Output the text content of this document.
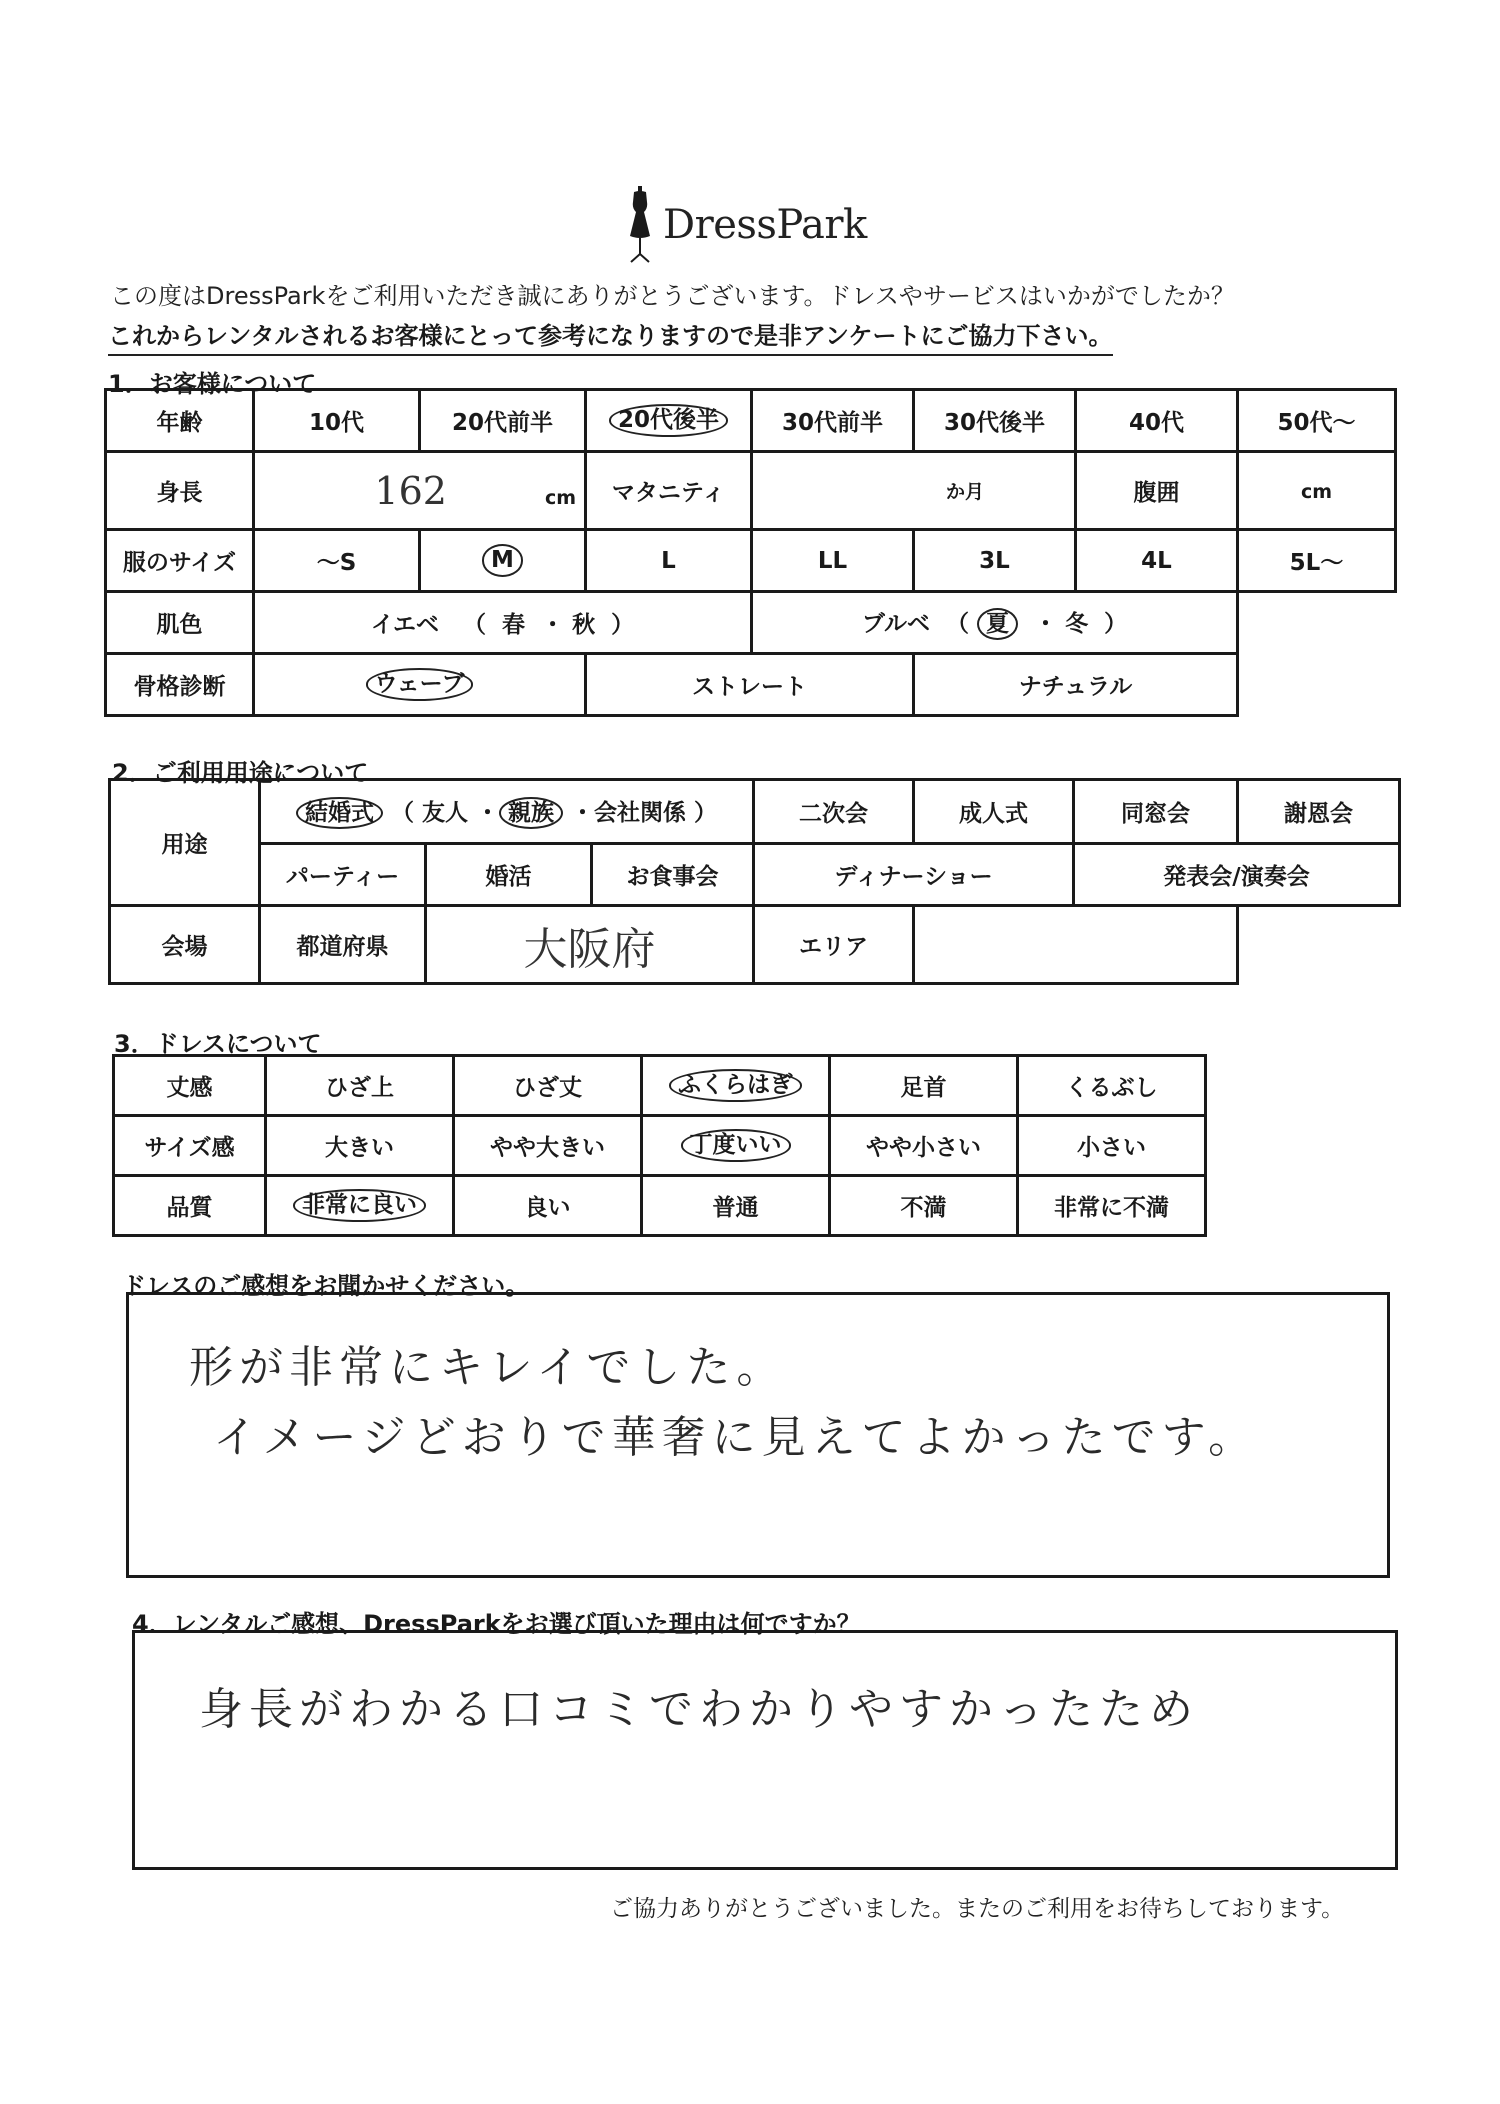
DressPark
この度はDressParkをご利用いただき誠にありがとうございます。ドレスやサービスはいかがでしたか？
これからレンタルされるお客様にとって参考になりますので是非アンケートにご協力下さい。
1．お客様について
年齢	10代	20代前半	20代後半	30代前半	30代後半	40代	50代～
身長	162 cm		マタニティ	か月		腹囲	cm
服のサイズ	～S	M	L	LL	3L	4L	5L～
肌色	イエベ   （  春  ・ 秋  ）			ブルベ  （ 夏  ・ 冬  ）			
骨格診断	ウェーブ		ストレート		ナチュラル		
2．ご利用用途について
用途	結婚式 （ 友人 ・ 親族 ・会社関係 ）			二次会	成人式	同窓会	謝恩会
	パーティー	婚活	お食事会	ディナーショー		発表会/演奏会	
会場	都道府県	大阪府		エリア			
3．ドレスについて
丈感	ひざ上	ひざ丈	ふくらはぎ	足首	くるぶし
サイズ感	大きい	やや大きい	丁度いい	やや小さい	小さい
品質	非常に良い	良い	普通	不満	非常に不満
ドレスのご感想をお聞かせください。
形が非常にキレイでした。
イメージどおりで華奢に見えてよかったです。
4．レンタルご感想、DressParkをお選び頂いた理由は何ですか？
身長がわかる口コミでわかりやすかったため
ご協力ありがとうございました。またのご利用をお待ちしております。
